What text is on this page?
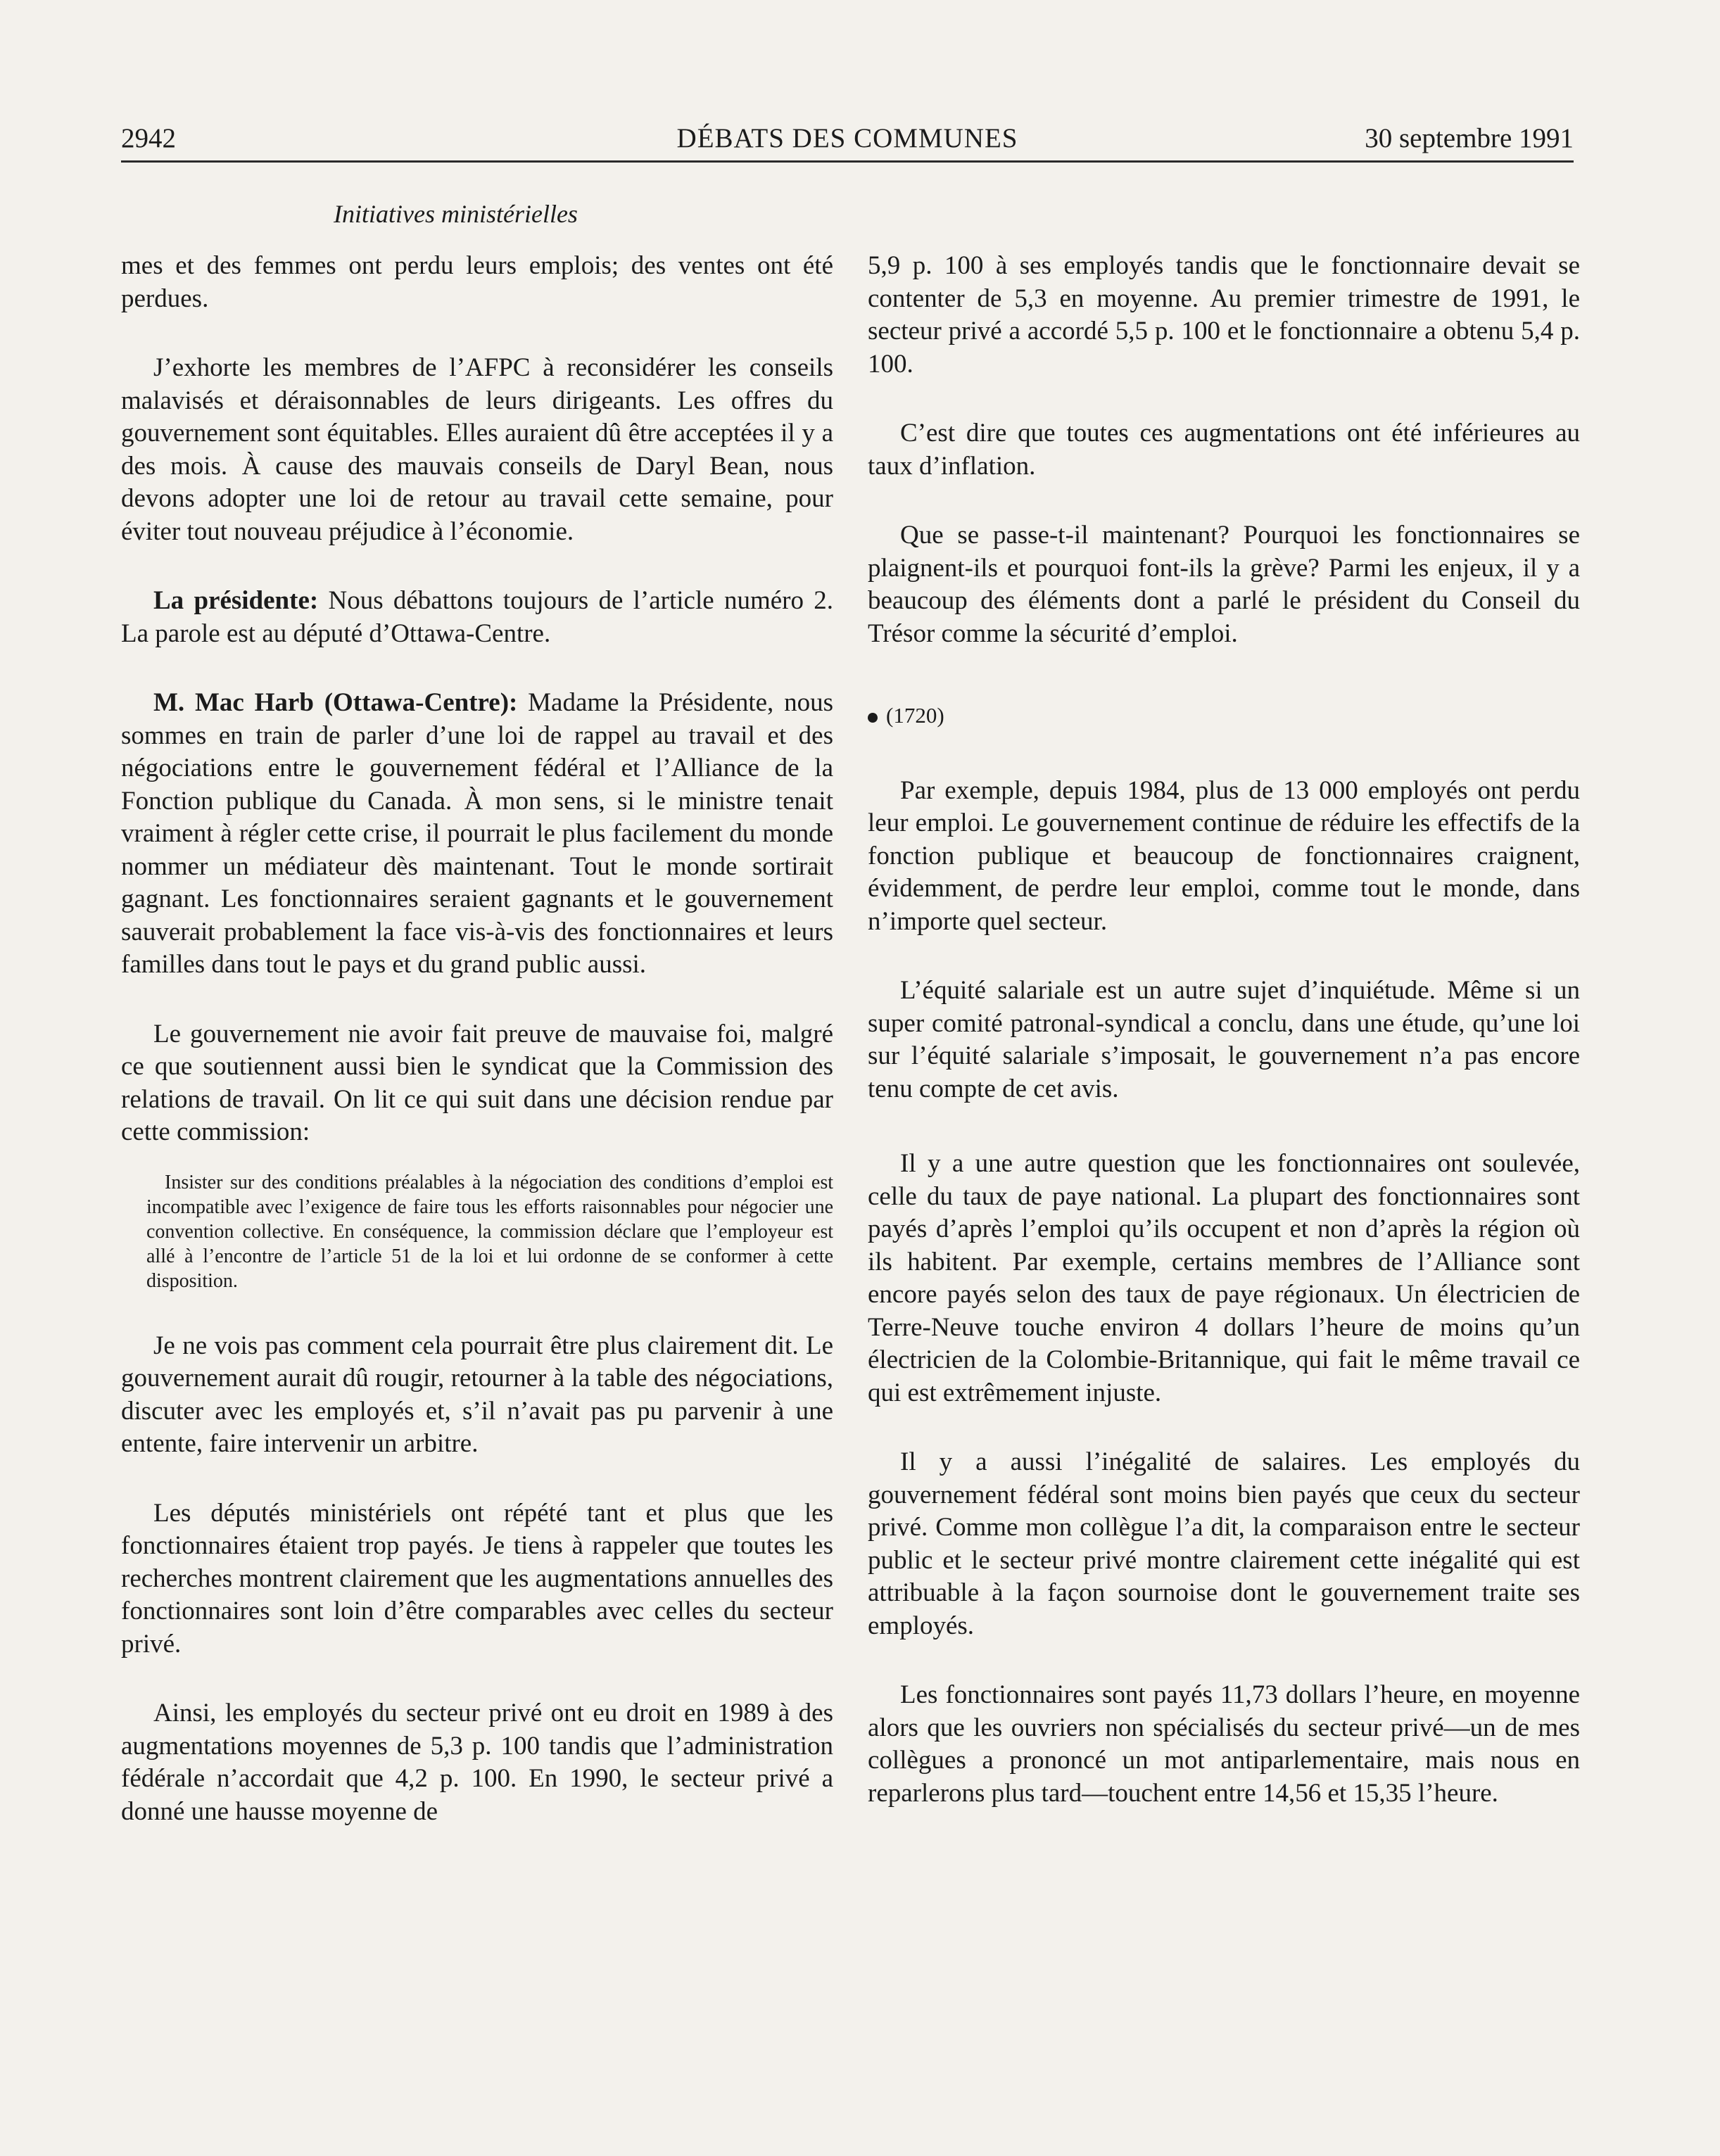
2942	DÉBATS DES COMMUNES	30 septembre 1991
Initiatives ministérielles

mes et des femmes ont perdu leurs emplois; des ventes ont été perdues.

J’exhorte les membres de l’AFPC à reconsidérer les conseils malavisés et déraisonnables de leurs dirigeants. Les offres du gouvernement sont équitables. Elles auraient dû être acceptées il y a des mois. À cause des mauvais conseils de Daryl Bean, nous devons adopter une loi de retour au travail cette semaine, pour éviter tout nouveau préjudice à l’économie.

La présidente: Nous débattons toujours de l’article numéro 2. La parole est au député d’Ottawa-Centre.

M. Mac Harb (Ottawa-Centre): Madame la Présidente, nous sommes en train de parler d’une loi de rappel au travail et des négociations entre le gouvernement fédéral et l’Alliance de la Fonction publique du Canada. À mon sens, si le ministre tenait vraiment à régler cette crise, il pourrait le plus facilement du monde nommer un médiateur dès maintenant. Tout le monde sortirait gagnant. Les fonctionnaires seraient gagnants et le gouvernement sauverait probablement la face vis-à-vis des fonctionnaires et leurs familles dans tout le pays et du grand public aussi.

Le gouvernement nie avoir fait preuve de mauvaise foi, malgré ce que soutiennent aussi bien le syndicat que la Commission des relations de travail. On lit ce qui suit dans une décision rendue par cette commission:

Insister sur des conditions préalables à la négociation des conditions d’emploi est incompatible avec l’exigence de faire tous les efforts raisonnables pour négocier une convention collective. En conséquence, la commission déclare que l’employeur est allé à l’encontre de l’article 51 de la loi et lui ordonne de se conformer à cette disposition.

Je ne vois pas comment cela pourrait être plus clairement dit. Le gouvernement aurait dû rougir, retourner à la table des négociations, discuter avec les employés et, s’il n’avait pas pu parvenir à une entente, faire intervenir un arbitre.

Les députés ministériels ont répété tant et plus que les fonctionnaires étaient trop payés. Je tiens à rappeler que toutes les recherches montrent clairement que les augmentations annuelles des fonctionnaires sont loin d’être comparables avec celles du secteur privé.

Ainsi, les employés du secteur privé ont eu droit en 1989 à des augmentations moyennes de 5,3 p. 100 tandis que l’administration fédérale n’accordait que 4,2 p. 100. En 1990, le secteur privé a donné une hausse moyenne de

5,9 p. 100 à ses employés tandis que le fonctionnaire devait se contenter de 5,3 en moyenne. Au premier trimestre de 1991, le secteur privé a accordé 5,5 p. 100 et le fonctionnaire a obtenu 5,4 p. 100.

C’est dire que toutes ces augmentations ont été inférieures au taux d’inflation.

Que se passe-t-il maintenant? Pourquoi les fonctionnaires se plaignent-ils et pourquoi font-ils la grève? Parmi les enjeux, il y a beaucoup des éléments dont a parlé le président du Conseil du Trésor comme la sécurité d’emploi.

(1720)

Par exemple, depuis 1984, plus de 13 000 employés ont perdu leur emploi. Le gouvernement continue de réduire les effectifs de la fonction publique et beaucoup de fonctionnaires craignent, évidemment, de perdre leur emploi, comme tout le monde, dans n’importe quel secteur.

L’équité salariale est un autre sujet d’inquiétude. Même si un super comité patronal-syndical a conclu, dans une étude, qu’une loi sur l’équité salariale s’imposait, le gouvernement n’a pas encore tenu compte de cet avis.

Il y a une autre question que les fonctionnaires ont soulevée, celle du taux de paye national. La plupart des fonctionnaires sont payés d’après l’emploi qu’ils occupent et non d’après la région où ils habitent. Par exemple, certains membres de l’Alliance sont encore payés selon des taux de paye régionaux. Un électricien de Terre-Neuve touche environ 4 dollars l’heure de moins qu’un électricien de la Colombie-Britannique, qui fait le même travail ce qui est extrêmement injuste.

Il y a aussi l’inégalité de salaires. Les employés du gouvernement fédéral sont moins bien payés que ceux du secteur privé. Comme mon collègue l’a dit, la comparaison entre le secteur public et le secteur privé montre clairement cette inégalité qui est attribuable à la façon sournoise dont le gouvernement traite ses employés.

Les fonctionnaires sont payés 11,73 dollars l’heure, en moyenne alors que les ouvriers non spécialisés du secteur privé—un de mes collègues a prononcé un mot antiparlementaire, mais nous en reparlerons plus tard—touchent entre 14,56 et 15,35 l’heure.
